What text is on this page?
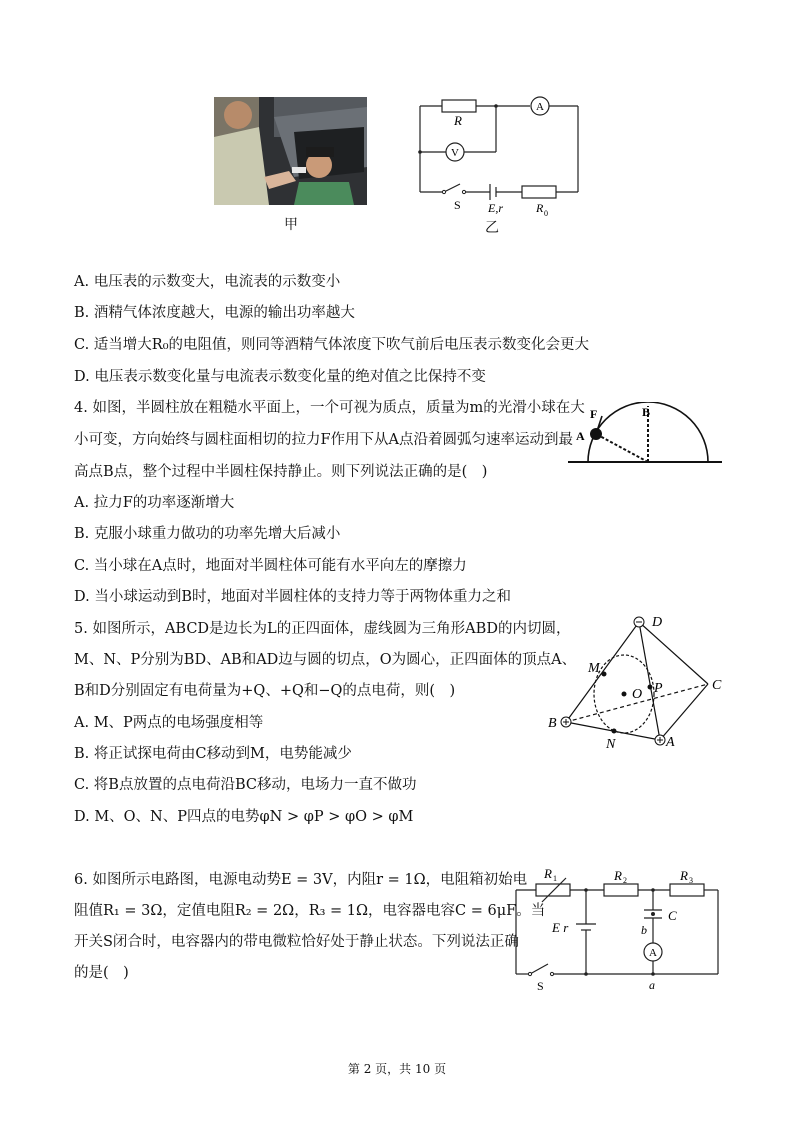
甲
R
A
V
S E,r	R 0
乙
A. 电压表的示数变大，电流表的示数变小
B. 酒精气体浓度越大，电源的输出功率越大
C. 适当增大R₀的电阻值，则同等酒精气体浓度下吹气前后电压表示数变化会更大
D. 电压表示数变化量与电流表示数变化量的绝对值之比保持不变
4. 如图，半圆柱放在粗糙水平面上，一个可视为质点，质量为m的光滑小球在大
小可变，方向始终与圆柱面相切的拉力F作用下从A点沿着圆弧匀速率运动到最
高点B点，整个过程中半圆柱保持静止。则下列说法正确的是(　)
A. 拉力F的功率逐渐增大
B. 克服小球重力做功的功率先增大后减小
C. 当小球在A点时，地面对半圆柱体可能有水平向左的摩擦力
D. 当小球运动到B时，地面对半圆柱体的支持力等于两物体重力之和
F
A
B
5. 如图所示，ABCD是边长为L的正四面体，虚线圆为三角形ABD的内切圆，
M、N、P分别为BD、AB和AD边与圆的切点，O为圆心，正四面体的顶点A、
B和D分别固定有电荷量为+Q、+Q和−Q的点电荷，则(　)
A. M、P两点的电场强度相等
B. 将正试探电荷由C移动到M，电势能减少
C. 将B点放置的点电荷沿BC移动，电场力一直不做功
D. M、O、N、P四点的电势φN > φP > φO > φM
D
C
B
A
M
N
P
O
6. 如图所示电路图，电源电动势E = 3V，内阻r = 1Ω，电阻箱初始电
阻值R₁ = 3Ω，定值电阻R₂ = 2Ω，R₃ = 1Ω，电容器电容C = 6μF。当
开关S闭合时，电容器内的带电微粒恰好处于静止状态。下列说法正确
的是(　)
R 1	R 2	R 3
C
b
A
E r
S	a
第 2 页，共 10 页
